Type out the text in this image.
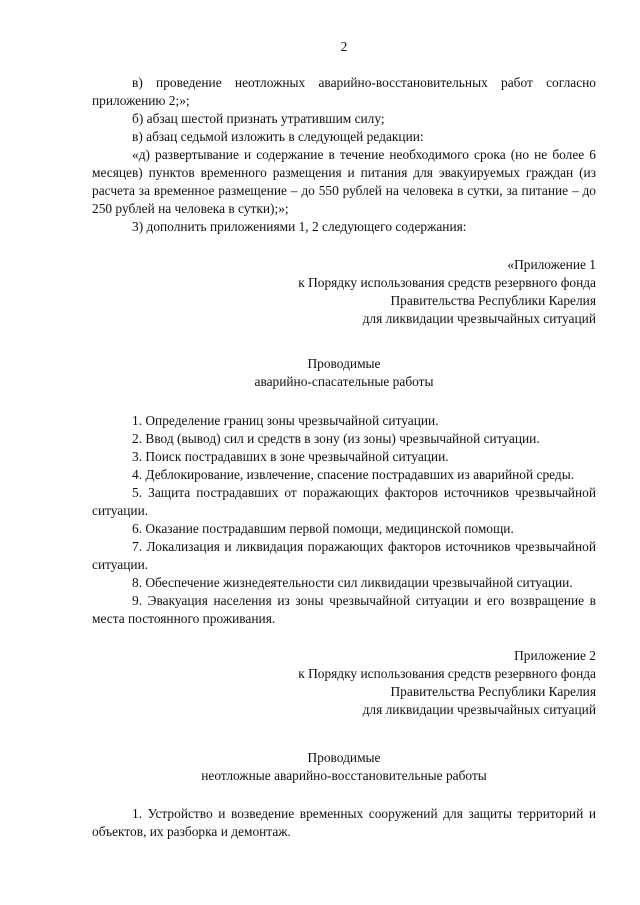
2

в) проведение неотложных аварийно-восстановительных работ согласно приложению 2;»;

б) абзац шестой признать утратившим силу;

в) абзац седьмой изложить в следующей редакции:

«д) развертывание и содержание в течение необходимого срока (но не более 6 месяцев) пунктов временного размещения и питания для эвакуируемых граждан (из расчета за временное размещение – до 550 рублей на человека в сутки, за питание – до 250 рублей на человека в сутки);»;

3) дополнить приложениями 1, 2 следующего содержания:

«Приложение 1

к Порядку использования средств резервного фонда

Правительства Республики Карелия

для ликвидации чрезвычайных ситуаций

Проводимые

аварийно-спасательные работы

1. Определение границ зоны чрезвычайной ситуации.

2. Ввод (вывод) сил и средств в зону (из зоны) чрезвычайной ситуации.

3. Поиск пострадавших в зоне чрезвычайной ситуации.

4. Деблокирование, извлечение, спасение пострадавших из аварийной среды.

5. Защита пострадавших от поражающих факторов источников чрезвычайной ситуации.

6. Оказание пострадавшим первой помощи, медицинской помощи.

7. Локализация и ликвидация поражающих факторов источников чрезвычайной ситуации.

8. Обеспечение жизнедеятельности сил ликвидации чрезвычайной ситуации.

9. Эвакуация населения из зоны чрезвычайной ситуации и его возвращение в места постоянного проживания.

Приложение 2

к Порядку использования средств резервного фонда

Правительства Республики Карелия

для ликвидации чрезвычайных ситуаций

Проводимые

неотложные аварийно-восстановительные работы

1. Устройство и возведение временных сооружений для защиты территорий и объектов, их разборка и демонтаж.
